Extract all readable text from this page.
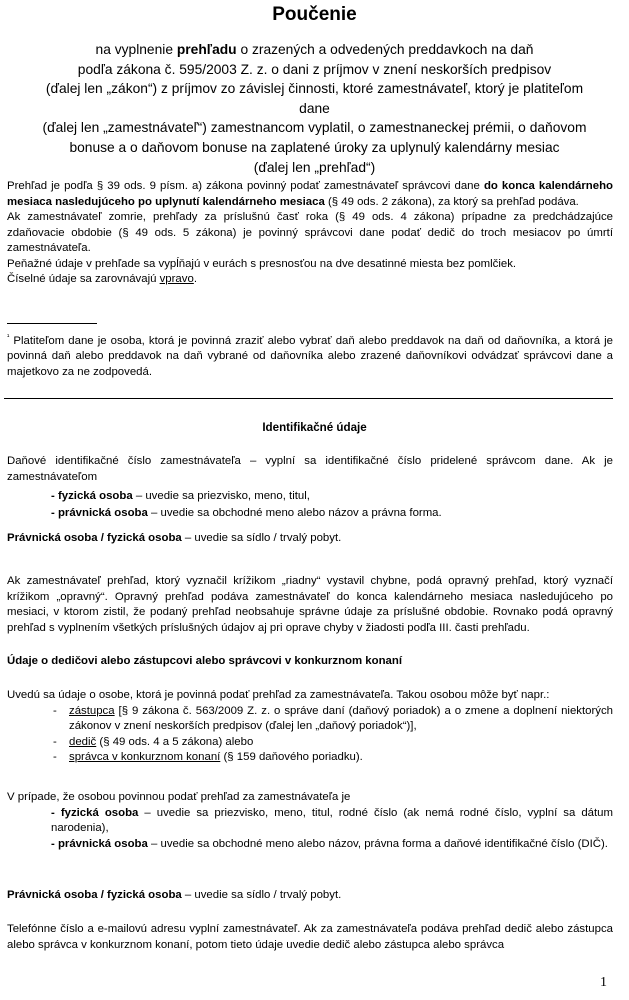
Poučenie
na vyplnenie prehľadu o zrazených a odvedených preddavkoch na daň
podľa zákona č. 595/2003 Z. z. o dani z príjmov v znení neskorších predpisov
(ďalej len „zákon“) z príjmov zo závislej činnosti, ktoré zamestnávateľ, ktorý je platiteľom dane
(ďalej len „zamestnávateľ“) zamestnancom vyplatil, o zamestnaneckej prémii, o daňovom
bonuse a o daňovom bonuse na zaplatené úroky za uplynulý kalendárny mesiac
(ďalej len „prehľad“)

Prehľad je podľa § 39 ods. 9 písm. a) zákona povinný podať zamestnávateľ správcovi dane do konca kalendárneho mesiaca nasledujúceho po uplynutí kalendárneho mesiaca (§ 49 ods. 2 zákona), za ktorý sa prehľad podáva.

Ak zamestnávateľ zomrie, prehľady za príslušnú časť roka (§ 49 ods. 4 zákona) prípadne za predchádzajúce zdaňovacie obdobie (§ 49 ods. 5 zákona) je povinný správcovi dane podať dedič do troch mesiacov po úmrtí zamestnávateľa.

Peňažné údaje v prehľade sa vypĺňajú v eurách s presnosťou na dve desatinné miesta bez pomlčiek.

Číselné údaje sa zarovnávajú vpravo.

$^{^1}$ Platiteľom dane je osoba, ktorá je povinná zraziť alebo vybrať daň alebo preddavok na daň od daňovníka, a ktorá je povinná daň alebo preddavok na daň vybrané od daňovníka alebo zrazené daňovníkovi odvádzať správcovi dane a majetkovo za ne zodpovedá.

Identifikačné údaje

Daňové identifikačné číslo zamestnávateľa – vyplní sa identifikačné číslo pridelené správcom dane. Ak je zamestnávateľom

- fyzická osoba – uvedie sa priezvisko, meno, titul,

- právnická osoba – uvedie sa obchodné meno alebo názov a právna forma.

Právnická osoba / fyzická osoba – uvedie sa sídlo / trvalý pobyt.

Ak zamestnávateľ prehľad, ktorý vyznačil krížikom „riadny“ vystavil chybne, podá opravný prehľad, ktorý vyznačí krížikom „opravný“. Opravný prehľad podáva zamestnávateľ do konca kalendárneho mesiaca nasledujúceho po mesiaci, v ktorom zistil, že podaný prehľad neobsahuje správne údaje za príslušné obdobie. Rovnako podá opravný prehľad s vyplnením všetkých príslušných údajov aj pri oprave chyby v žiadosti podľa III. časti prehľadu.
Údaje o dedičovi alebo zástupcovi alebo správcovi v konkurznom konaní

Uvedú sa údaje o osobe, ktorá je povinná podať prehľad za zamestnávateľa. Takou osobou môže byť napr.:

- zástupca [§ 9 zákona č. 563/2009 Z. z. o správe daní (daňový poriadok) a o zmene a doplnení niektorých zákonov v znení neskorších predpisov (ďalej len „daňový poriadok“)],
- dedič (§ 49 ods. 4 a 5 zákona) alebo
- správca v konkurznom konaní (§ 159 daňového poriadku).

V prípade, že osobou povinnou podať prehľad za zamestnávateľa je

- fyzická osoba – uvedie sa priezvisko, meno, titul, rodné číslo (ak nemá rodné číslo, vyplní sa dátum narodenia),

- právnická osoba – uvedie sa obchodné meno alebo názov, právna forma a daňové identifikačné číslo (DIČ).

Právnická osoba / fyzická osoba – uvedie sa sídlo / trvalý pobyt.
Telefónne číslo a e-mailovú adresu vyplní zamestnávateľ. Ak za zamestnávateľa podáva prehľad dedič alebo zástupca alebo správca v konkurznom konaní, potom tieto údaje uvedie dedič alebo zástupca alebo správca
1
